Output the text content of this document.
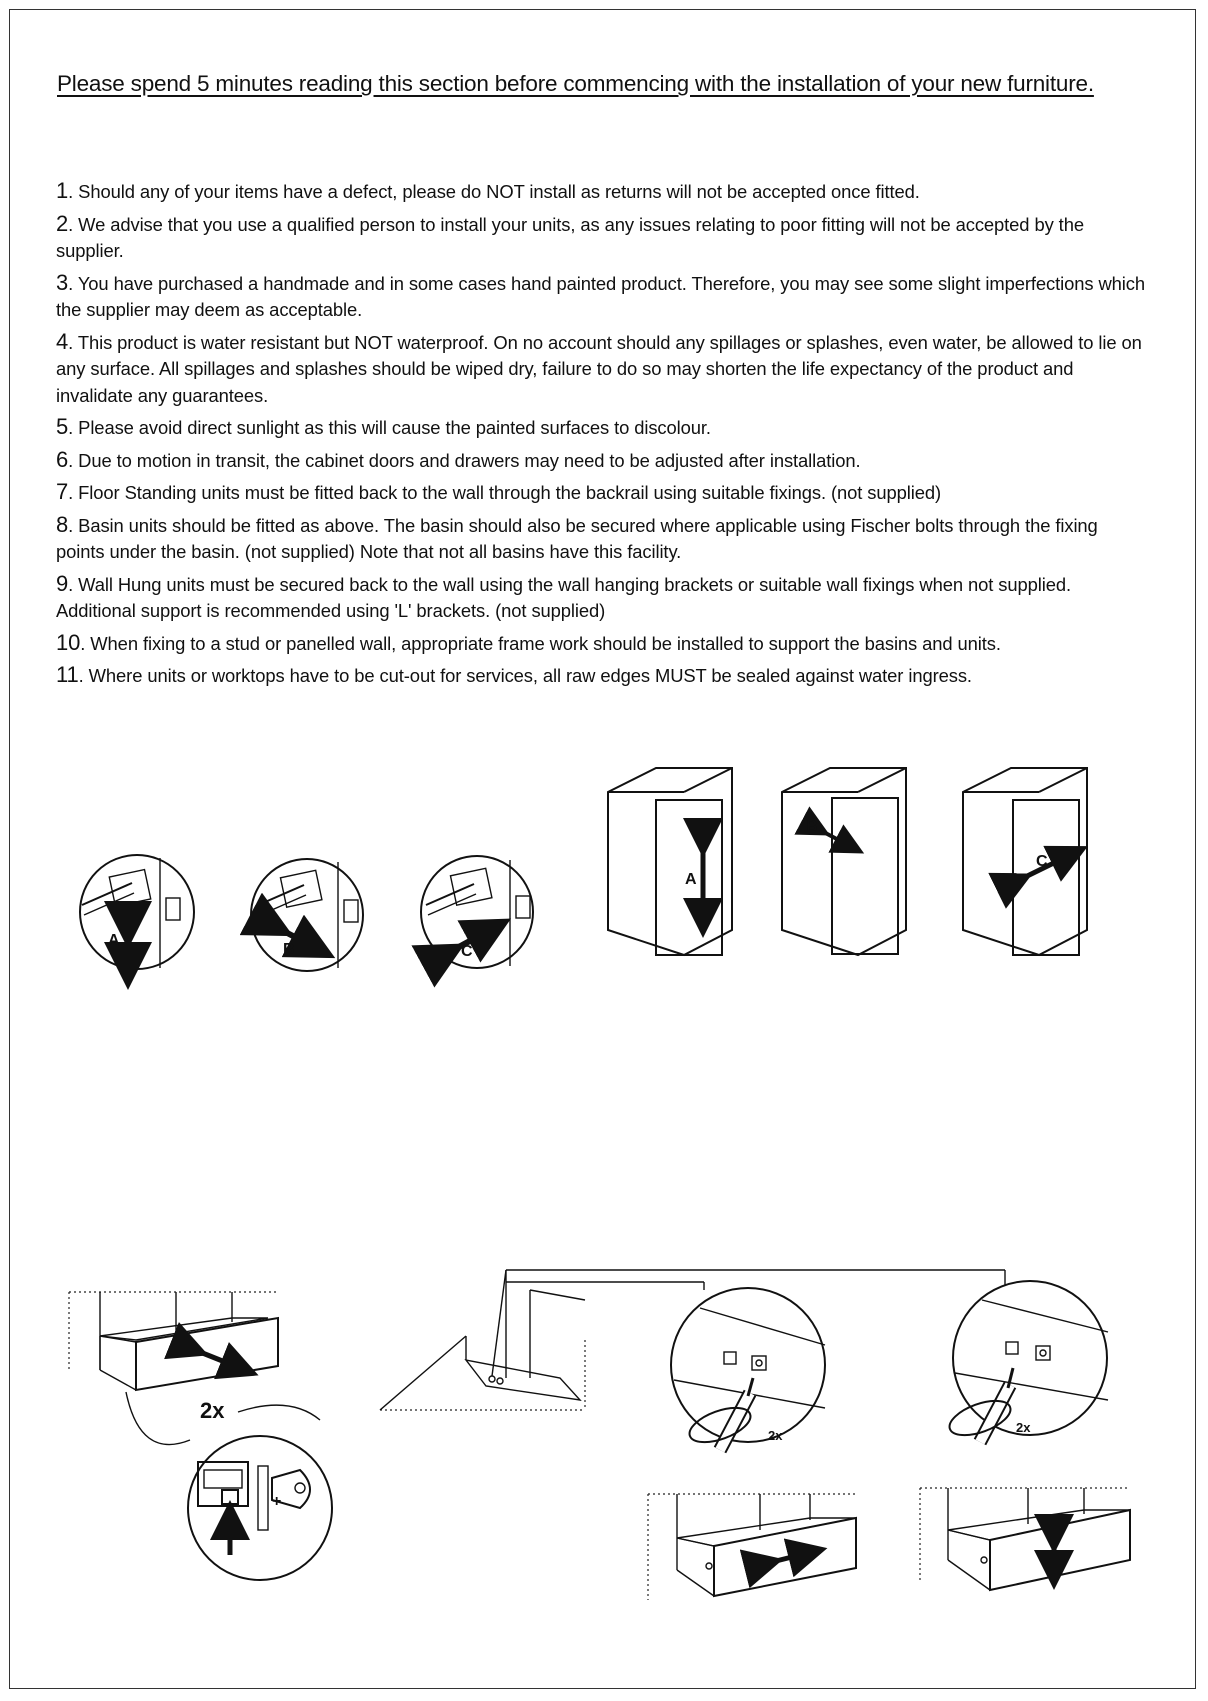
Please spend 5 minutes reading this section before commencing with the installation of your new furniture.
1. Should any of your items have a defect, please do NOT install as returns will not be accepted once fitted.
2. We advise that you use a qualified person to install your units, as any issues relating to poor fitting will not be accepted by the supplier.
3. You have purchased a handmade and in some cases hand painted product. Therefore, you may see some slight imperfections which the supplier may deem as acceptable.
4. This product is water resistant but NOT waterproof. On no account should any spillages or splashes, even water, be allowed to lie on any surface. All spillages and splashes should be wiped dry, failure to do so may shorten the life expectancy of the product and invalidate any guarantees.
5. Please avoid direct sunlight as this will cause the painted surfaces to discolour.
6. Due to motion in transit, the cabinet doors and drawers may need to be adjusted after installation.
7. Floor Standing units must be fitted back to the wall through the backrail using suitable fixings. (not supplied)
8. Basin units should be fitted as above. The basin should also be secured where applicable using Fischer bolts through the fixing points under the basin. (not supplied) Note that not all basins have this facility.
9. Wall Hung units must be secured back to the wall using the wall hanging brackets or suitable wall fixings when not supplied. Additional support is recommended using 'L' brackets. (not supplied)
10. When fixing to a stud or panelled wall, appropriate frame work should be installed to support the basins and units.
11. Where units or worktops have to be cut-out for services, all raw edges MUST be sealed against water ingress.
A
B	C
A
B
C
2x
+
2x
2x
